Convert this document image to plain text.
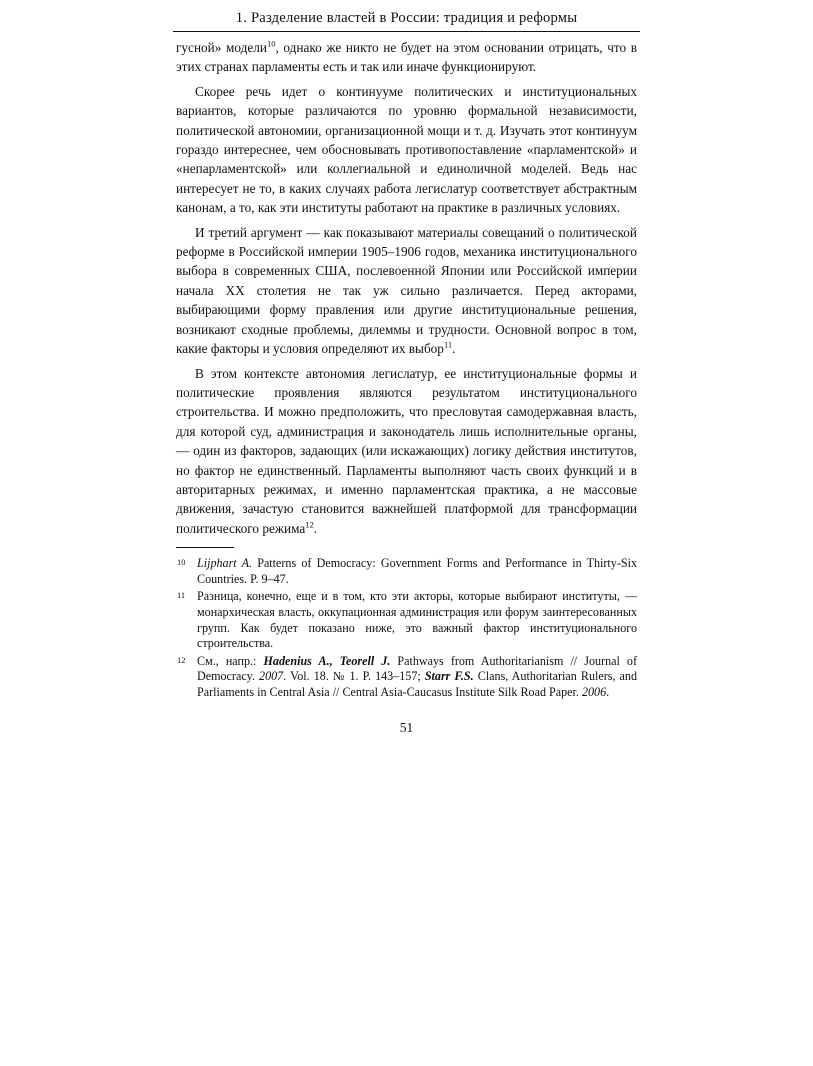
1. Разделение властей в России: традиция и реформы

гусной» модели$^{10}$, однако же никто не будет на этом основании отрицать, что в этих странах парламенты есть и так или иначе функционируют.

Скорее речь идет о континууме политических и институциональных вариантов, которые различаются по уровню формальной независимости, политической автономии, организационной мощи и т. д. Изучать этот континуум гораздо интереснее, чем обосновывать противопоставление «парламентской» и «непарламентской» или коллегиальной и единоличной моделей. Ведь нас интересует не то, в каких случаях работа легислатур соответствует абстрактным канонам, а то, как эти институты работают на практике в различных условиях.

И третий аргумент — как показывают материалы совещаний о политической реформе в Российской империи 1905–1906 годов, механика институционального выбора в современных США, послевоенной Японии или Российской империи начала XX столетия не так уж сильно различается. Перед акторами, выбирающими форму правления или другие институциональные решения, возникают сходные проблемы, дилеммы и трудности. Основной вопрос в том, какие факторы и условия определяют их выбор$^{11}$.

В этом контексте автономия легислатур, ее институциональные формы и политические проявления являются результатом институционального строительства. И можно предположить, что пресловутая самодержавная власть, для которой суд, администрация и законодатель лишь исполнительные органы, — один из факторов, задающих (или искажающих) логику действия институтов, но фактор не единственный. Парламенты выполняют часть своих функций и в авторитарных режимах, и именно парламентская практика, а не массовые движения, зачастую становится важнейшей платформой для трансформации политического режима$^{12}$.

10 Lijphart A. Patterns of Democracy: Government Forms and Performance in Thirty-Six Countries. P. 9–47.
11 Разница, конечно, еще и в том, кто эти акторы, которые выбирают институты, — монархическая власть, оккупационная администрация или форум заинтересованных групп. Как будет показано ниже, это важный фактор институционального строительства.
12 См., напр.: Hadenius A., Teorell J. Pathways from Authoritarianism // Journal of Democracy. 2007. Vol. 18. № 1. P. 143–157; Starr F.S. Clans, Authoritarian Rulers, and Parliaments in Central Asia // Central Asia-Caucasus Institute Silk Road Paper. 2006.
51
